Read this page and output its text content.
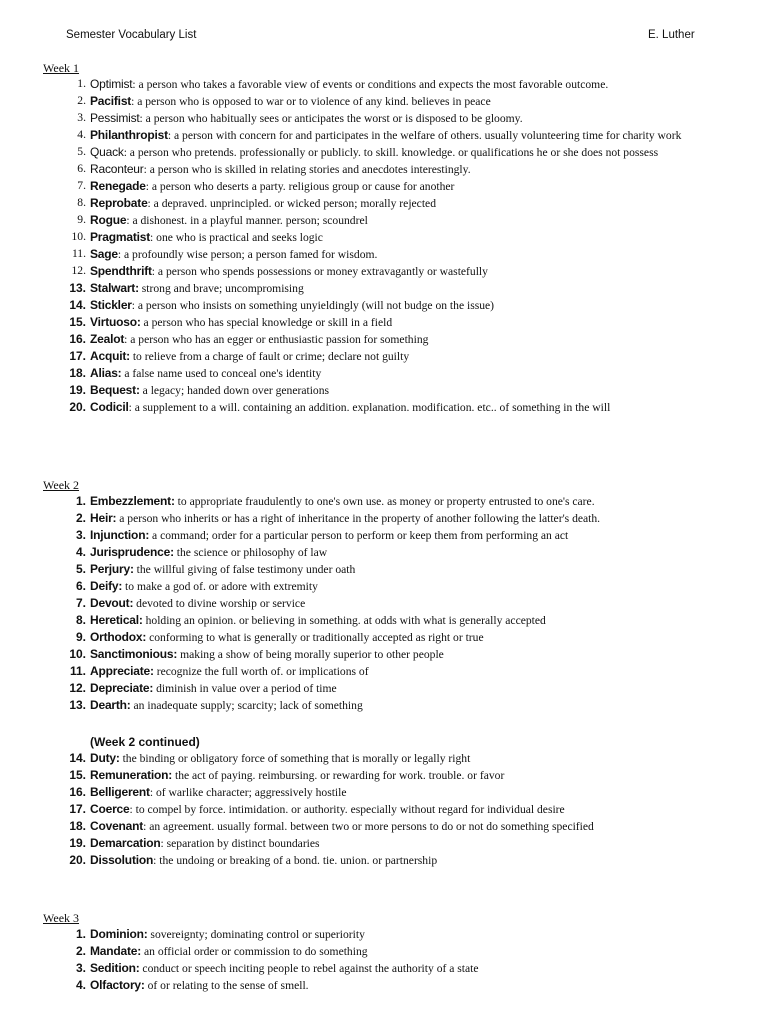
Semester Vocabulary List	E. Luther
Week 1
1. Optimist: a person who takes a favorable view of events or conditions and expects the most favorable outcome.
2. Pacifist: a person who is opposed to war or to violence of any kind. believes in peace
3. Pessimist: a person who habitually sees or anticipates the worst or is disposed to be gloomy.
4. Philanthropist: a person with concern for and participates in the welfare of others. usually volunteering time for charity work
5. Quack: a person who pretends. professionally or publicly. to skill. knowledge. or qualifications he or she does not possess
6. Raconteur: a person who is skilled in relating stories and anecdotes interestingly.
7. Renegade: a person who deserts a party. religious group or cause for another
8. Reprobate: a depraved. unprincipled. or wicked person; morally rejected
9. Rogue: a dishonest. in a playful manner. person; scoundrel
10. Pragmatist: one who is practical and seeks logic
11. Sage: a profoundly wise person; a person famed for wisdom.
12. Spendthrift: a person who spends possessions or money extravagantly or wastefully
13. Stalwart: strong and brave; uncompromising
14. Stickler: a person who insists on something unyieldingly (will not budge on the issue)
15. Virtuoso: a person who has special knowledge or skill in a field
16. Zealot: a person who has an egger or enthusiastic passion for something
17. Acquit: to relieve from a charge of fault or crime; declare not guilty
18. Alias: a false name used to conceal one's identity
19. Bequest: a legacy; handed down over generations
20. Codicil: a supplement to a will. containing an addition. explanation. modification. etc.. of something in the will
Week 2
1. Embezzlement: to appropriate fraudulently to one's own use. as money or property entrusted to one's care.
2. Heir: a person who inherits or has a right of inheritance in the property of another following the latter's death.
3. Injunction: a command; order for a particular person to perform or keep them from performing an act
4. Jurisprudence: the science or philosophy of law
5. Perjury: the willful giving of false testimony under oath
6. Deify: to make a god of. or adore with extremity
7. Devout: devoted to divine worship or service
8. Heretical: holding an opinion. or believing in something. at odds with what is generally accepted
9. Orthodox: conforming to what is generally or traditionally accepted as right or true
10. Sanctimonious: making a show of being morally superior to other people
11. Appreciate: recognize the full worth of. or implications of
12. Depreciate: diminish in value over a period of time
13. Dearth: an inadequate supply; scarcity; lack of something
(Week 2 continued)
14. Duty: the binding or obligatory force of something that is morally or legally right
15. Remuneration: the act of paying. reimbursing. or rewarding for work. trouble. or favor
16. Belligerent: of warlike character; aggressively hostile
17. Coerce: to compel by force. intimidation. or authority. especially without regard for individual desire
18. Covenant: an agreement. usually formal. between two or more persons to do or not do something specified
19. Demarcation: separation by distinct boundaries
20. Dissolution: the undoing or breaking of a bond. tie. union. or partnership
Week 3
1. Dominion: sovereignty; dominating control or superiority
2. Mandate: an official order or commission to do something
3. Sedition: conduct or speech inciting people to rebel against the authority of a state
4. Olfactory: of or relating to the sense of smell.
